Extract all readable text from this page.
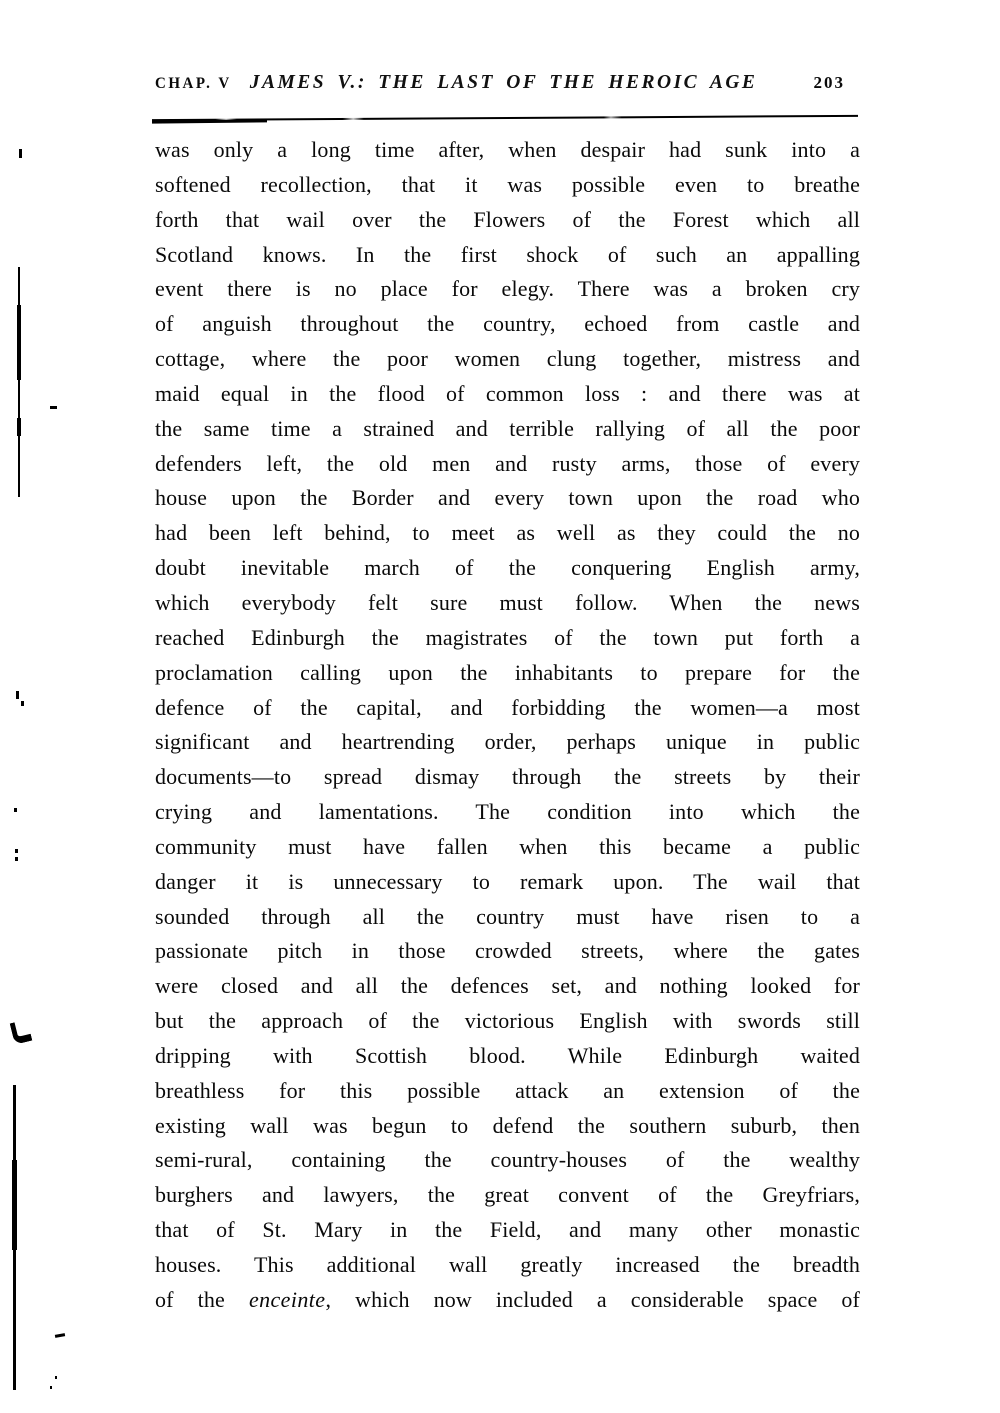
CHAP. V JAMES V.: THE LAST OF THE HEROIC AGE	203
was only a long time after, when despair had sunk into a
softened recollection, that it was possible even to breathe
forth that wail over the Flowers of the Forest which all
Scotland knows. In the first shock of such an appalling
event there is no place for elegy. There was a broken cry
of anguish throughout the country, echoed from castle and
cottage, where the poor women clung together, mistress and
maid equal in the flood of common loss : and there was at
the same time a strained and terrible rallying of all the poor
defenders left, the old men and rusty arms, those of every
house upon the Border and every town upon the road who
had been left behind, to meet as well as they could the no
doubt inevitable march of the conquering English army,
which everybody felt sure must follow. When the news
reached Edinburgh the magistrates of the town put forth a
proclamation calling upon the inhabitants to prepare for the
defence of the capital, and forbidding the women—a most
significant and heartrending order, perhaps unique in public
documents—to spread dismay through the streets by their
crying and lamentations. The condition into which the
community must have fallen when this became a public
danger it is unnecessary to remark upon. The wail that
sounded through all the country must have risen to a
passionate pitch in those crowded streets, where the gates
were closed and all the defences set, and nothing looked for
but the approach of the victorious English with swords still
dripping with Scottish blood. While Edinburgh waited
breathless for this possible attack an extension of the
existing wall was begun to defend the southern suburb, then
semi-rural, containing the country-houses of the wealthy
burghers and lawyers, the great convent of the Greyfriars,
that of St. Mary in the Field, and many other monastic
houses. This additional wall greatly increased the breadth
of the enceinte, which now included a considerable space of
